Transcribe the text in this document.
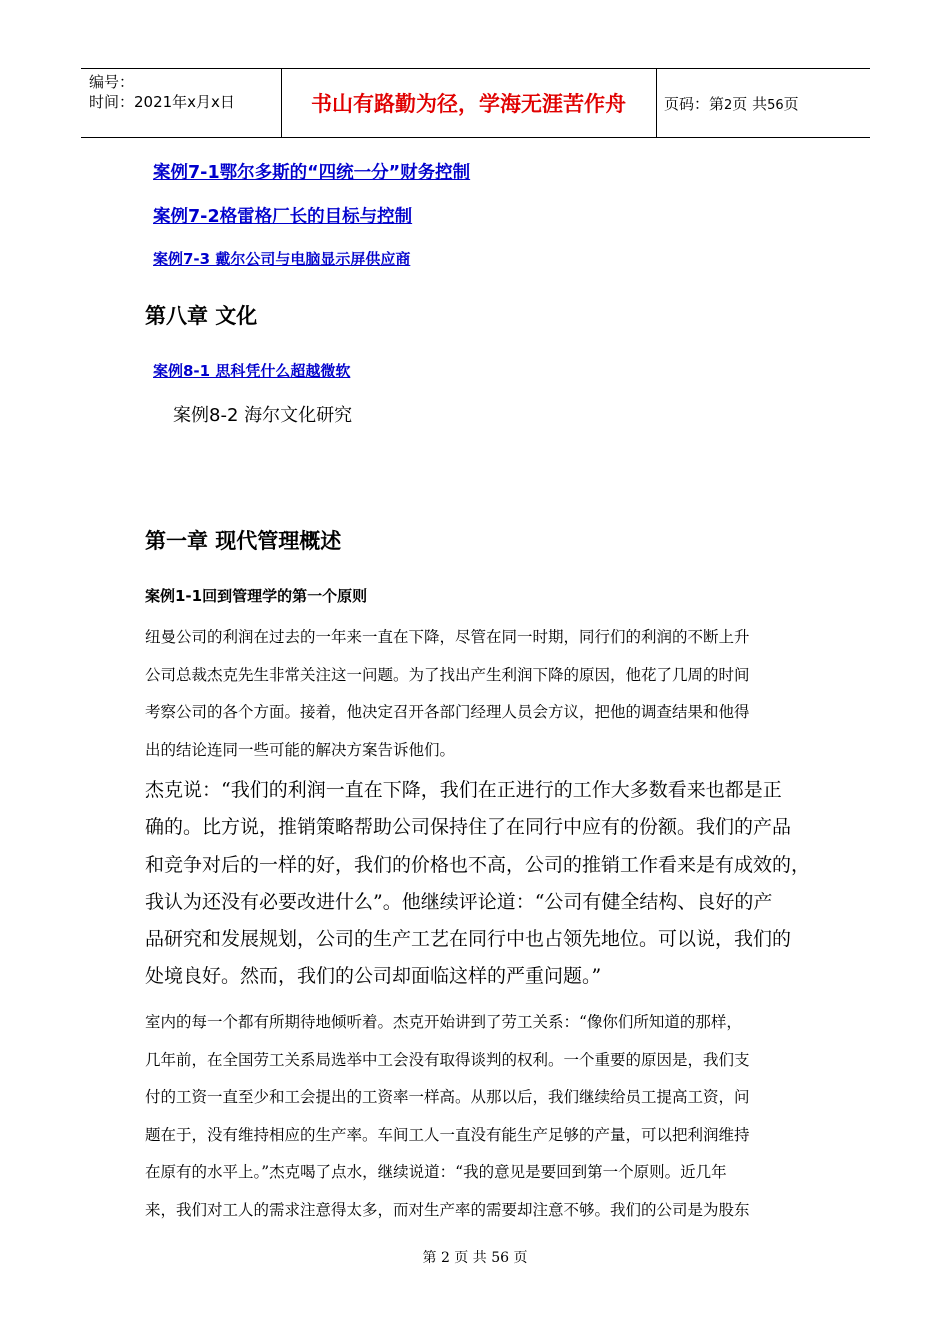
编号：
时间：2021年x月x日	书山有路勤为径，学海无涯苦作舟	页码：第2页 共56页
案例7-1鄂尔多斯的“四统一分”财务控制
案例7-2格雷格厂长的目标与控制
案例7-3 戴尔公司与电脑显示屏供应商
第八章 文化
案例8-1 思科凭什么超越微软
案例8-2 海尔文化研究
第一章 现代管理概述
案例1-1回到管理学的第一个原则
纽曼公司的利润在过去的一年来一直在下降，尽管在同一时期，同行们的利润的不断上升
公司总裁杰克先生非常关注这一问题。为了找出产生利润下降的原因，他花了几周的时间
考察公司的各个方面。接着，他决定召开各部门经理人员会方议，把他的调查结果和他得
出的结论连同一些可能的解决方案告诉他们。
杰克说：“我们的利润一直在下降，我们在正进行的工作大多数看来也都是正
确的。比方说，推销策略帮助公司保持住了在同行中应有的份额。我们的产品
和竞争对后的一样的好，我们的价格也不高，公司的推销工作看来是有成效的，
我认为还没有必要改进什么”。他继续评论道：“公司有健全结构、良好的产
品研究和发展规划，公司的生产工艺在同行中也占领先地位。可以说，我们的
处境良好。然而，我们的公司却面临这样的严重问题。”
室内的每一个都有所期待地倾听着。杰克开始讲到了劳工关系：“像你们所知道的那样，
几年前，在全国劳工关系局选举中工会没有取得谈判的权利。一个重要的原因是，我们支
付的工资一直至少和工会提出的工资率一样高。从那以后，我们继续给员工提高工资，问
题在于，没有维持相应的生产率。车间工人一直没有能生产足够的产量，可以把利润维持
在原有的水平上。”杰克喝了点水，继续说道：“我的意见是要回到第一个原则。近几年
来，我们对工人的需求注意得太多，而对生产率的需要却注意不够。我们的公司是为股东
第 2 页 共 56 页
